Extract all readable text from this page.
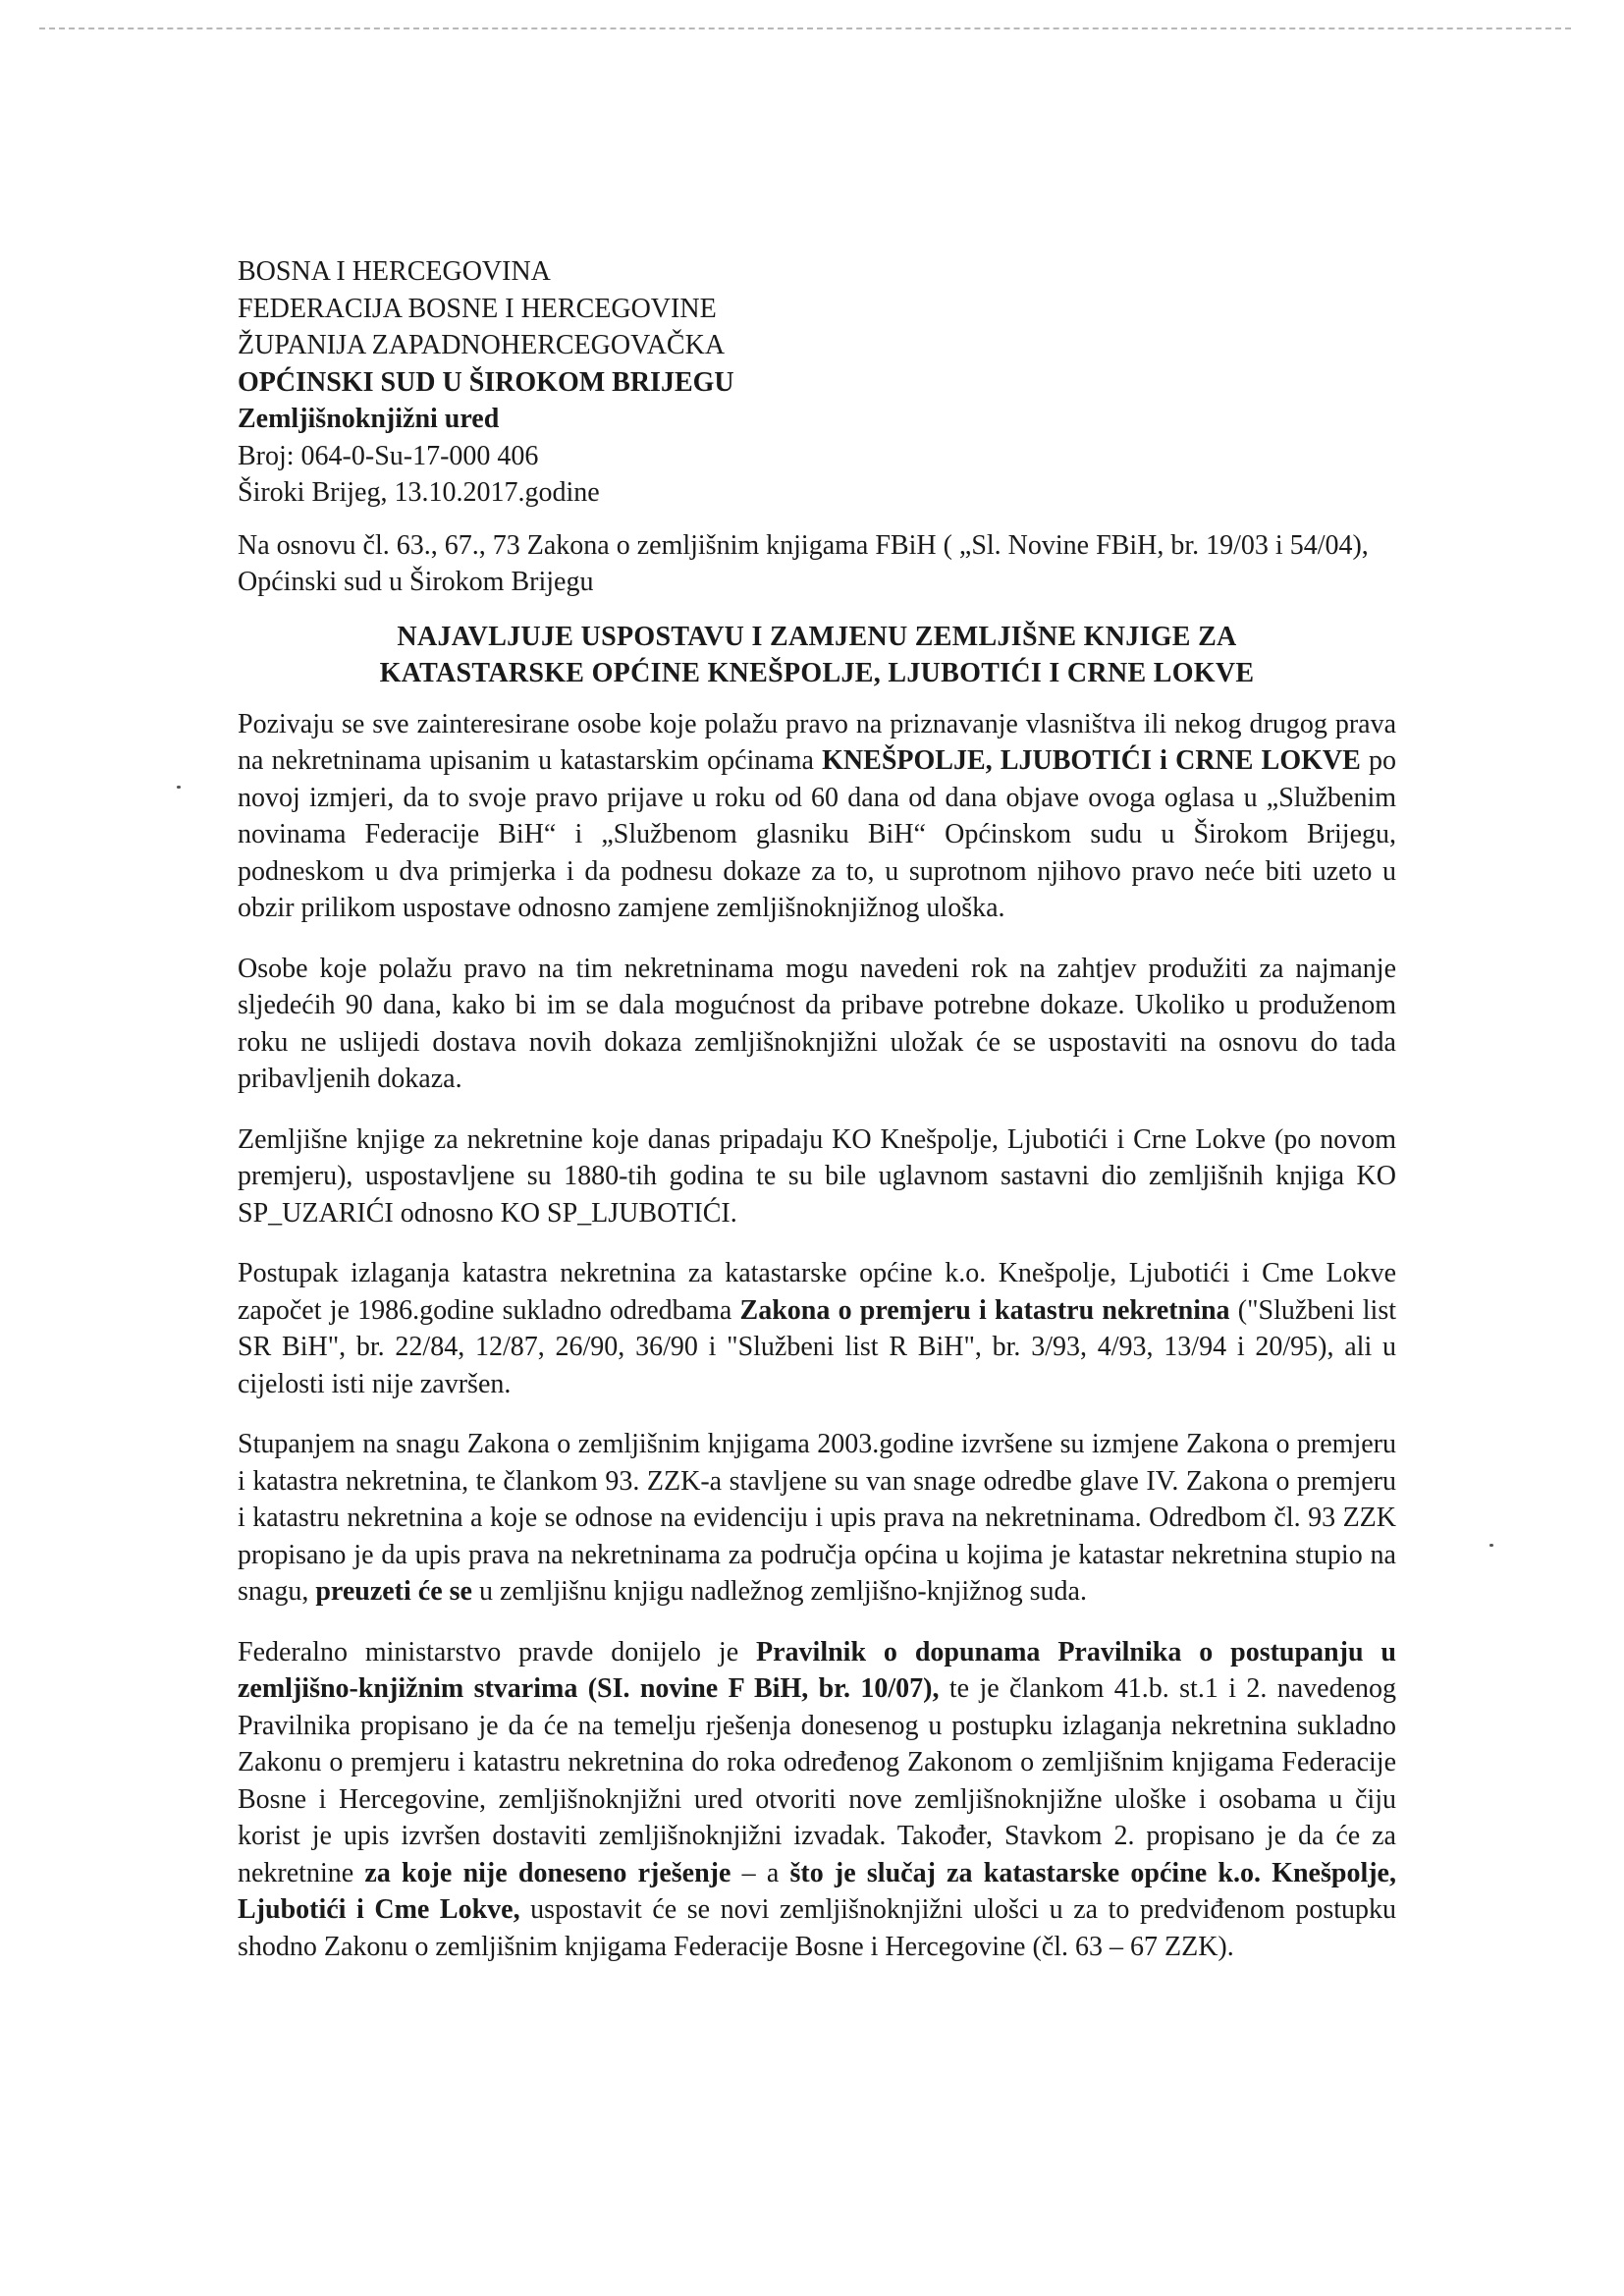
BOSNA I HERCEGOVINA
FEDERACIJA BOSNE I HERCEGOVINE
ŽUPANIJA ZAPADNOHERCEGOVAČKA
OPĆINSKI SUD U ŠIROKOM BRIJEGU
Zemljišnoknjižni ured
Broj: 064-0-Su-17-000 406
Široki Brijeg, 13.10.2017.godine
Na osnovu čl. 63., 67., 73 Zakona o zemljišnim knjigama FBiH ( „Sl. Novine FBiH, br. 19/03 i 54/04), Općinski sud u Širokom Brijegu
NAJAVLJUJE USPOSTAVU I ZAMJENU ZEMLJIŠNE KNJIGE ZA
KATASTARSKE OPĆINE KNEŠPOLJE, LJUBOTIĆI I CRNE LOKVE

Pozivaju se sve zainteresirane osobe koje polažu pravo na priznavanje vlasništva ili nekog drugog prava na nekretninama upisanim u katastarskim općinama KNEŠPOLJE, LJUBOTIĆI i CRNE LOKVE po novoj izmjeri, da to svoje pravo prijave u roku od 60 dana od dana objave ovoga oglasa u „Službenim novinama Federacije BiH“ i „Službenom glasniku BiH“ Općinskom sudu u Širokom Brijegu, podneskom u dva primjerka i da podnesu dokaze za to, u suprotnom njihovo pravo neće biti uzeto u obzir prilikom uspostave odnosno zamjene zemljišnoknjižnog uloška.

Osobe koje polažu pravo na tim nekretninama mogu navedeni rok na zahtjev produžiti za najmanje sljedećih 90 dana, kako bi im se dala mogućnost da pribave potrebne dokaze. Ukoliko u produženom roku ne uslijedi dostava novih dokaza zemljišnoknjižni uložak će se uspostaviti na osnovu do tada pribavljenih dokaza.

Zemljišne knjige za nekretnine koje danas pripadaju KO Knešpolje, Ljubotići i Crne Lokve (po novom premjeru), uspostavljene su 1880-tih godina te su bile uglavnom sastavni dio zemljišnih knjiga KO SP_UZARIĆI odnosno KO SP_LJUBOTIĆI.

Postupak izlaganja katastra nekretnina za katastarske općine k.o. Knešpolje, Ljubotići i Cme Lokve započet je 1986.godine sukladno odredbama Zakona o premjeru i katastru nekretnina ("Službeni list SR BiH", br. 22/84, 12/87, 26/90, 36/90 i "Službeni list R BiH", br. 3/93, 4/93, 13/94 i 20/95), ali u cijelosti isti nije završen.

Stupanjem na snagu Zakona o zemljišnim knjigama 2003.godine izvršene su izmjene Zakona o premjeru i katastra nekretnina, te člankom 93. ZZK-a stavljene su van snage odredbe glave IV. Zakona o premjeru i katastru nekretnina a koje se odnose na evidenciju i upis prava na nekretninama. Odredbom čl. 93 ZZK propisano je da upis prava na nekretninama za područja općina u kojima je katastar nekretnina stupio na snagu, preuzeti će se u zemljišnu knjigu nadležnog zemljišno-knjižnog suda.

Federalno ministarstvo pravde donijelo je Pravilnik o dopunama Pravilnika o postupanju u zemljišno-knjižnim stvarima (SI. novine F BiH, br. 10/07), te je člankom 41.b. st.1 i 2. navedenog Pravilnika propisano je da će na temelju rješenja donesenog u postupku izlaganja nekretnina sukladno Zakonu o premjeru i katastru nekretnina do roka određenog Zakonom o zemljišnim knjigama Federacije Bosne i Hercegovine, zemljišnoknjižni ured otvoriti nove zemljišnoknjižne uloške i osobama u čiju korist je upis izvršen dostaviti zemljišnoknjižni izvadak. Također, Stavkom 2. propisano je da će za nekretnine za koje nije doneseno rješenje – a što je slučaj za katastarske općine k.o. Knešpolje, Ljubotići i Cme Lokve, uspostavit će se novi zemljišnoknjižni ulošci u za to predviđenom postupku shodno Zakonu o zemljišnim knjigama Federacije Bosne i Hercegovine (čl. 63 – 67 ZZK).
